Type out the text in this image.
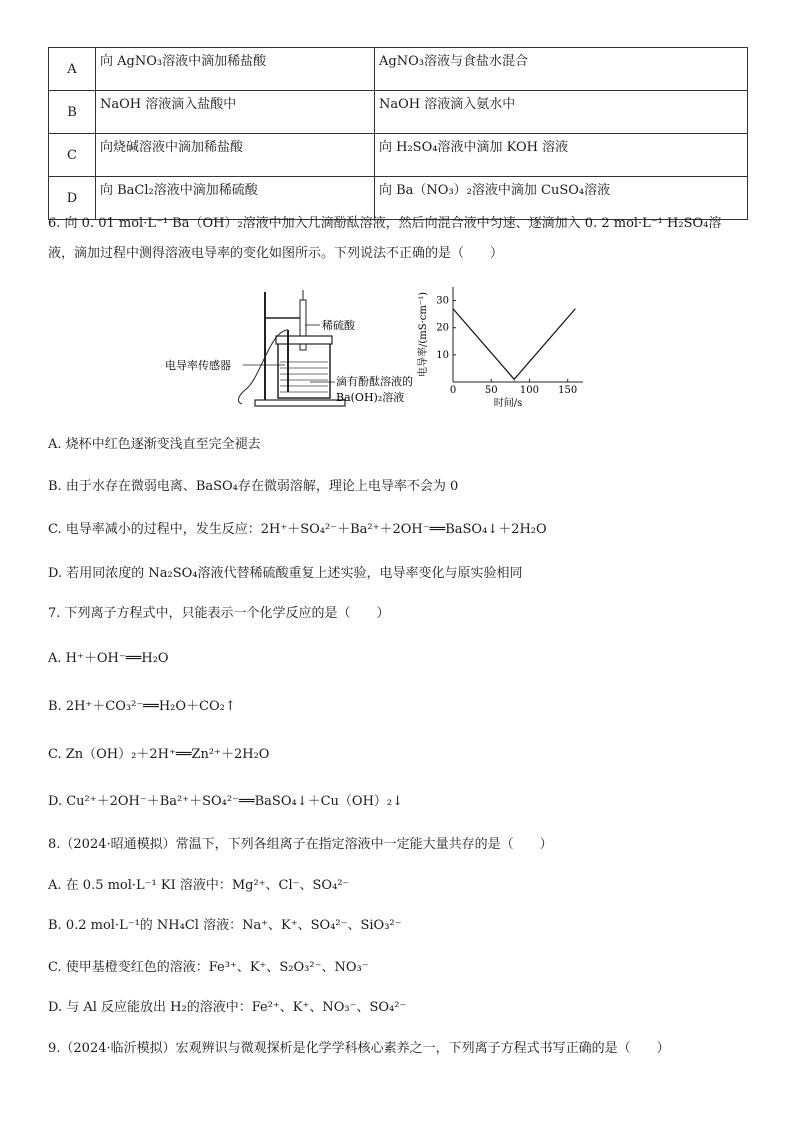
A	向 AgNO₃溶液中滴加稀盐酸	AgNO₃溶液与食盐水混合
B	NaOH 溶液滴入盐酸中	NaOH 溶液滴入氨水中
C	向烧碱溶液中滴加稀盐酸	向 H₂SO₄溶液中滴加 KOH 溶液
D	向 BaCl₂溶液中滴加稀硫酸	向 Ba（NO₃）₂溶液中滴加 CuSO₄溶液
6. 向 0. 01 mol·L⁻¹ Ba（OH）₂溶液中加入几滴酚酞溶液，然后向混合液中匀速、逐滴加入 0. 2 mol·L⁻¹ H₂SO₄溶
液，滴加过程中测得溶液电导率的变化如图所示。下列说法不正确的是（　　）
稀硫酸
电导率传感器
滴有酚酞溶液的
Ba(OH)₂溶液
电导率/(mS·cm⁻¹)
时间/s
0	50 100 150
10
20
30
A. 烧杯中红色逐渐变浅直至完全褪去
B. 由于水存在微弱电离、BaSO₄存在微弱溶解，理论上电导率不会为 0
C. 电导率减小的过程中，发生反应：2H⁺＋SO₄²⁻＋Ba²⁺＋2OH⁻══BaSO₄↓＋2H₂O
D. 若用同浓度的 Na₂SO₄溶液代替稀硫酸重复上述实验，电导率变化与原实验相同
7. 下列离子方程式中，只能表示一个化学反应的是（　　）
A. H⁺＋OH⁻══H₂O
B. 2H⁺＋CO₃²⁻══H₂O＋CO₂↑
C. Zn（OH）₂＋2H⁺══Zn²⁺＋2H₂O
D. Cu²⁺＋2OH⁻＋Ba²⁺＋SO₄²⁻══BaSO₄↓＋Cu（OH）₂↓
8.（2024·昭通模拟）常温下，下列各组离子在指定溶液中一定能大量共存的是（　　）
A. 在 0.5 mol·L⁻¹ KI 溶液中：Mg²⁺、Cl⁻、SO₄²⁻
B. 0.2 mol·L⁻¹的 NH₄Cl 溶液：Na⁺、K⁺、SO₄²⁻、SiO₃²⁻
C. 使甲基橙变红色的溶液：Fe³⁺、K⁺、S₂O₃²⁻、NO₃⁻
D. 与 Al 反应能放出 H₂的溶液中：Fe²⁺、K⁺、NO₃⁻、SO₄²⁻
9.（2024·临沂模拟）宏观辨识与微观探析是化学学科核心素养之一，下列离子方程式书写正确的是（　　）
